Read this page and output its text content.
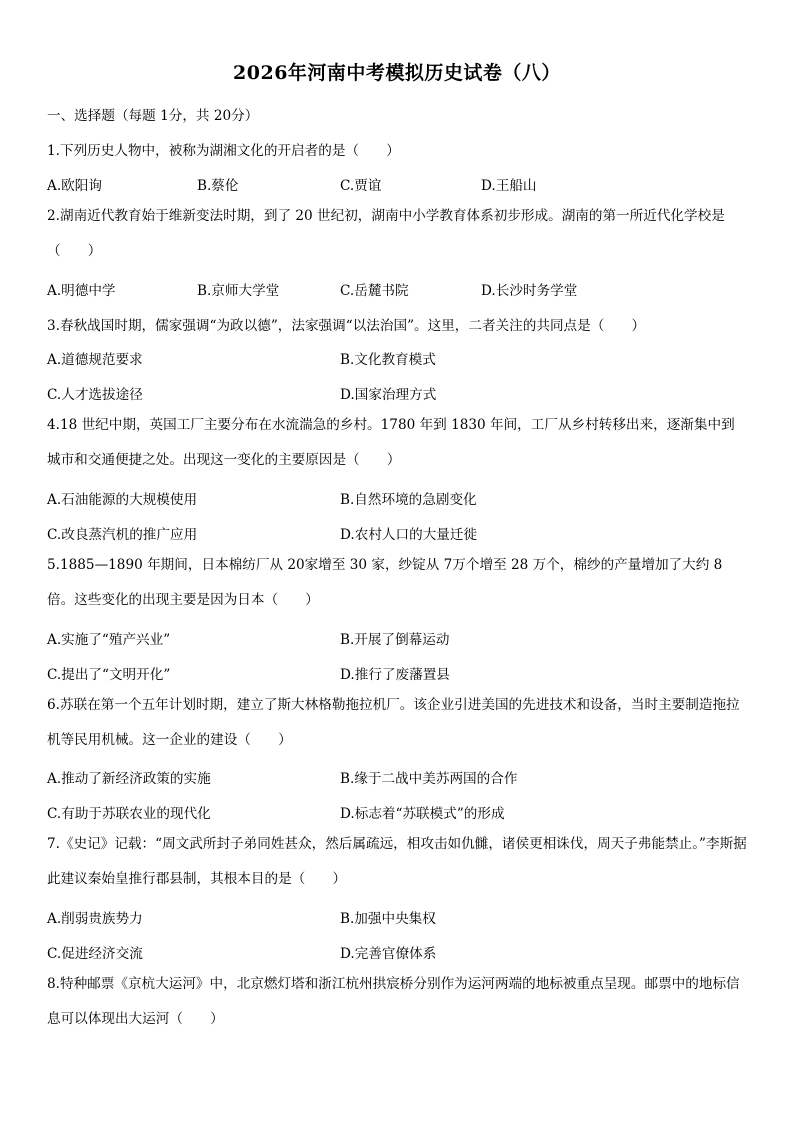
2026年河南中考模拟历史试卷（八）
一、选择题（每题 1分，共 20分）
1.下列历史人物中，被称为湖湘文化的开启者的是（　　）
A.欧阳询	B.蔡伦	C.贾谊	D.王船山
2.湖南近代教育始于维新变法时期，到了 20 世纪初，湖南中小学教育体系初步形成。湖南的第一所近代化学校是（　　）
A.明德中学	B.京师大学堂	C.岳麓书院	D.长沙时务学堂
3.春秋战国时期，儒家强调“为政以德”，法家强调“以法治国”。这里，二者关注的共同点是（　　）
A.道德规范要求	B.文化教育模式
C.人才选拔途径	D.国家治理方式
4.18 世纪中期，英国工厂主要分布在水流湍急的乡村。1780 年到 1830 年间，工厂从乡村转移出来，逐渐集中到城市和交通便捷之处。出现这一变化的主要原因是（　　）
A.石油能源的大规模使用	B.自然环境的急剧变化
C.改良蒸汽机的推广应用	D.农村人口的大量迁徙
5.1885—1890 年期间，日本棉纺厂从 20家增至 30 家，纱锭从 7万个增至 28 万个，棉纱的产量增加了大约 8 倍。这些变化的出现主要是因为日本（　　）
A.实施了“殖产兴业”	B.开展了倒幕运动
C.提出了“文明开化”	D.推行了废藩置县
6.苏联在第一个五年计划时期，建立了斯大林格勒拖拉机厂。该企业引进美国的先进技术和设备，当时主要制造拖拉机等民用机械。这一企业的建设（　　）
A.推动了新经济政策的实施	B.缘于二战中美苏两国的合作
C.有助于苏联农业的现代化	D.标志着“苏联模式”的形成
7.《史记》记载：“周文武所封子弟同姓甚众，然后属疏远，相攻击如仇雠，诸侯更相诛伐，周天子弗能禁止。”李斯据此建议秦始皇推行郡县制，其根本目的是（　　）
A.削弱贵族势力	B.加强中央集权
C.促进经济交流	D.完善官僚体系
8.特种邮票《京杭大运河》中，北京燃灯塔和浙江杭州拱宸桥分别作为运河两端的地标被重点呈现。邮票中的地标信息可以体现出大运河（　　）
